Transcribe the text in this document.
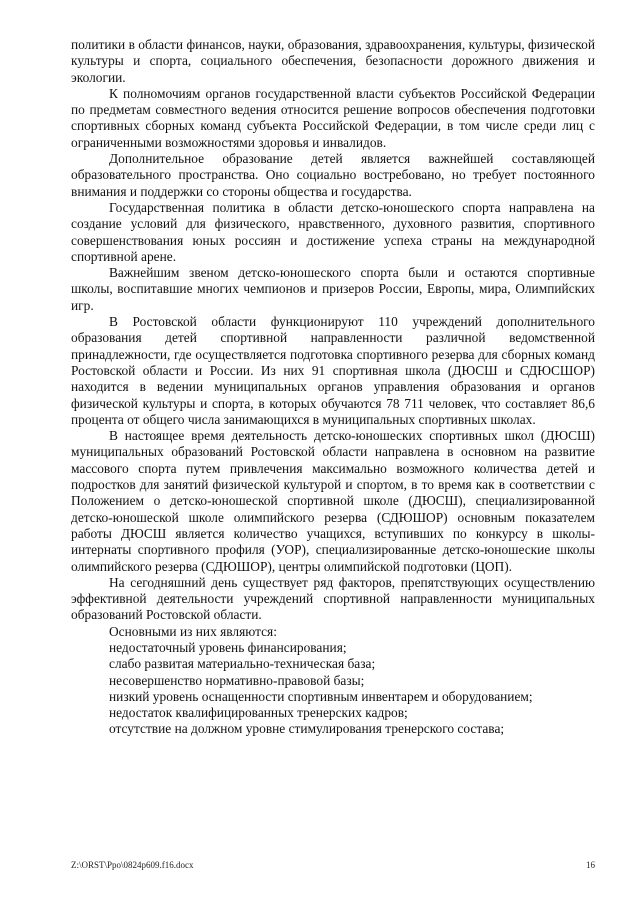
политики в области финансов, науки, образования, здравоохранения, культуры, физической культуры и спорта, социального обеспечения, безопасности дорожного движения и экологии.

К полномочиям органов государственной власти субъектов Российской Федерации по предметам совместного ведения относится решение вопросов обеспечения подготовки спортивных сборных команд субъекта Российской Федерации, в том числе среди лиц с ограниченными возможностями здоровья и инвалидов.

Дополнительное образование детей является важнейшей составляющей образовательного пространства. Оно социально востребовано, но требует постоянного внимания и поддержки со стороны общества и государства.

Государственная политика в области детско-юношеского спорта направлена на создание условий для физического, нравственного, духовного развития, спортивного совершенствования юных россиян и достижение успеха страны на международной спортивной арене.

Важнейшим звеном детско-юношеского спорта были и остаются спортивные школы, воспитавшие многих чемпионов и призеров России, Европы, мира, Олимпийских игр.

В Ростовской области функционируют 110 учреждений дополнительного образования детей спортивной направленности различной ведомственной принадлежности, где осуществляется подготовка спортивного резерва для сборных команд Ростовской области и России. Из них 91 спортивная школа (ДЮСШ и СДЮСШОР) находится в ведении муниципальных органов управления образования и органов физической культуры и спорта, в которых обучаются 78 711 человек, что составляет 86,6 процента от общего числа занимающихся в муниципальных спортивных школах.

В настоящее время деятельность детско-юношеских спортивных школ (ДЮСШ) муниципальных образований Ростовской области направлена в основном на развитие массового спорта путем привлечения максимально возможного количества детей и подростков для занятий физической культурой и спортом, в то время как в соответствии с Положением о детско-юношеской спортивной школе (ДЮСШ), специализированной детско-юношеской школе олимпийского резерва (СДЮШОР) основным показателем работы ДЮСШ является количество учащихся, вступивших по конкурсу в школы-интернаты спортивного профиля (УОР), специализированные детско-юношеские школы олимпийского резерва (СДЮШОР), центры олимпийской подготовки (ЦОП).

На сегодняшний день существует ряд факторов, препятствующих осуществлению эффективной деятельности учреждений спортивной направленности муниципальных образований Ростовской области.

Основными из них являются:

недостаточный уровень финансирования;

слабо развитая материально-техническая база;

несовершенство нормативно-правовой базы;

низкий уровень оснащенности спортивным инвентарем и оборудованием;

недостаток квалифицированных тренерских кадров;

отсутствие на должном уровне стимулирования тренерского состава;

Z:\ORST\Ppo\0824p609.f16.docx	16
